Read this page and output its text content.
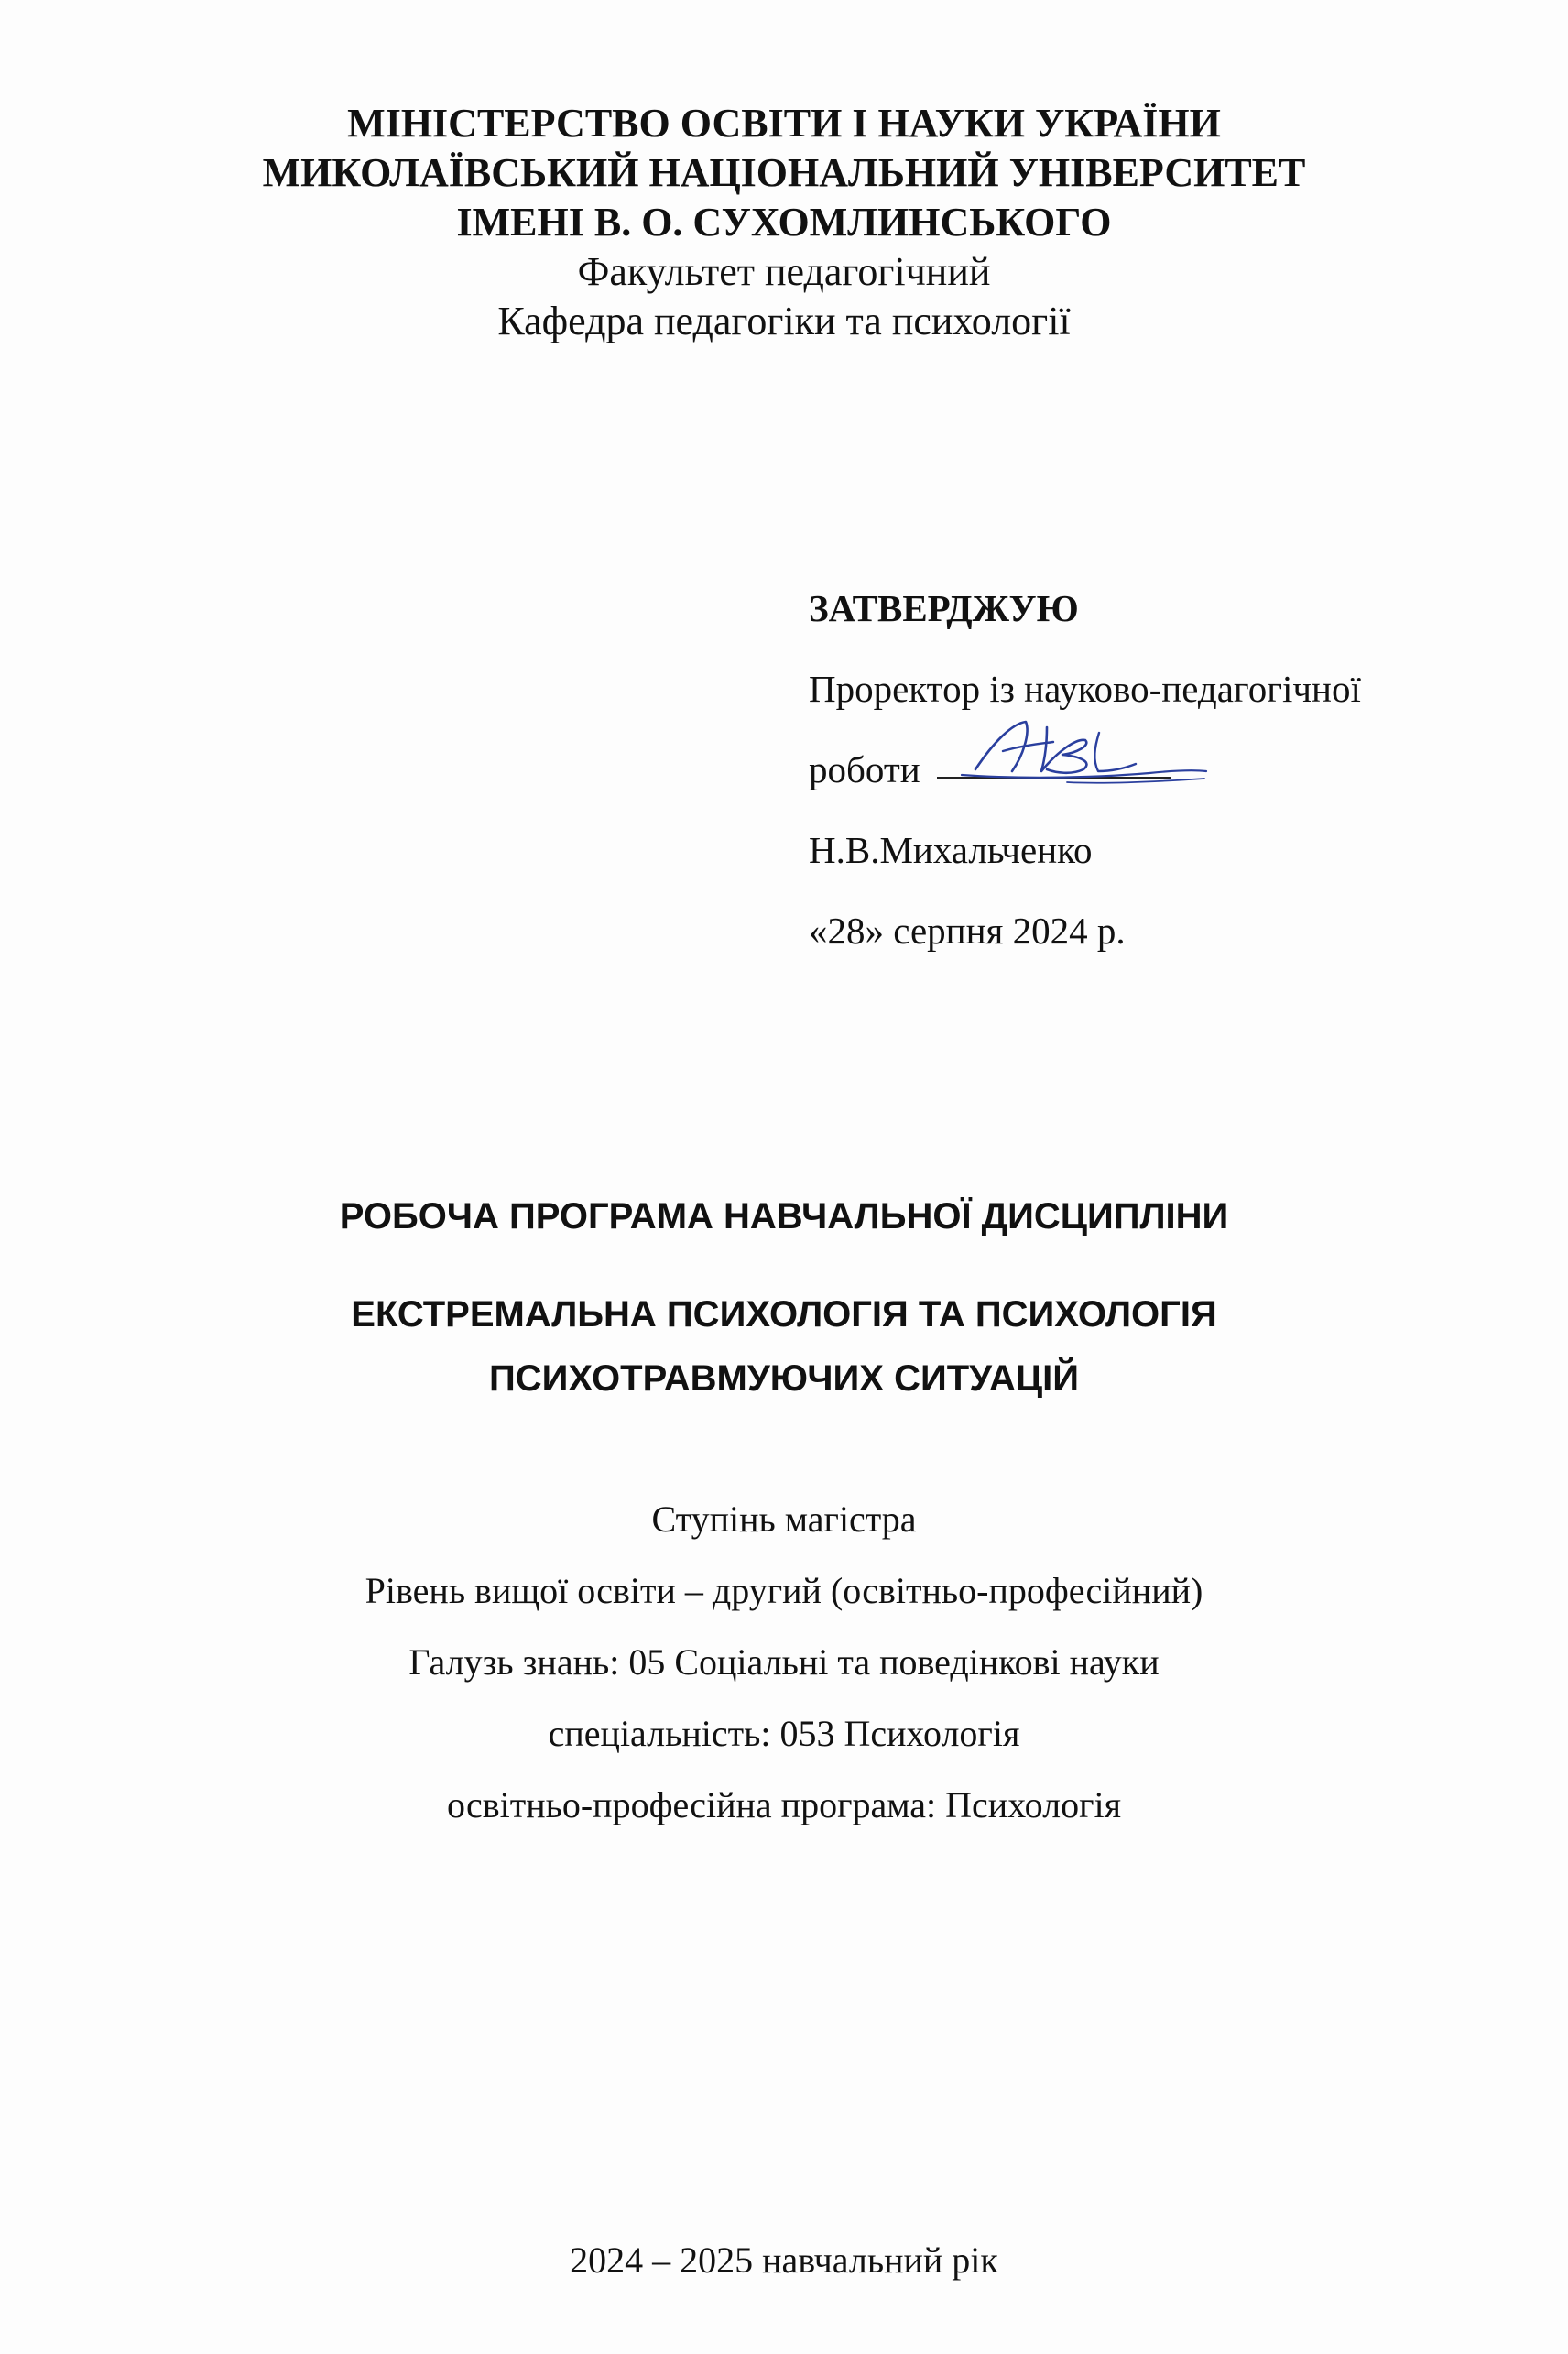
МІНІСТЕРСТВО ОСВІТИ І НАУКИ УКРАЇНИ
МИКОЛАЇВСЬКИЙ НАЦІОНАЛЬНИЙ УНІВЕРСИТЕТ
ІМЕНІ В. О. СУХОМЛИНСЬКОГО
Факультет педагогічний
Кафедра педагогіки та психології
ЗАТВЕРДЖУЮ
Проректор із науково-педагогічної
роботи
Н.В.Михальченко
«28» серпня 2024 р.
РОБОЧА ПРОГРАМА НАВЧАЛЬНОЇ ДИСЦИПЛІНИ
ЕКСТРЕМАЛЬНА ПСИХОЛОГІЯ ТА ПСИХОЛОГІЯ
ПСИХОТРАВМУЮЧИХ СИТУАЦІЙ
Ступінь магістра
Рівень вищої освіти – другий (освітньо-професійний)
Галузь знань: 05 Соціальні та поведінкові науки
спеціальність: 053 Психологія
освітньо-професійна програма: Психологія
2024 – 2025 навчальний рік
